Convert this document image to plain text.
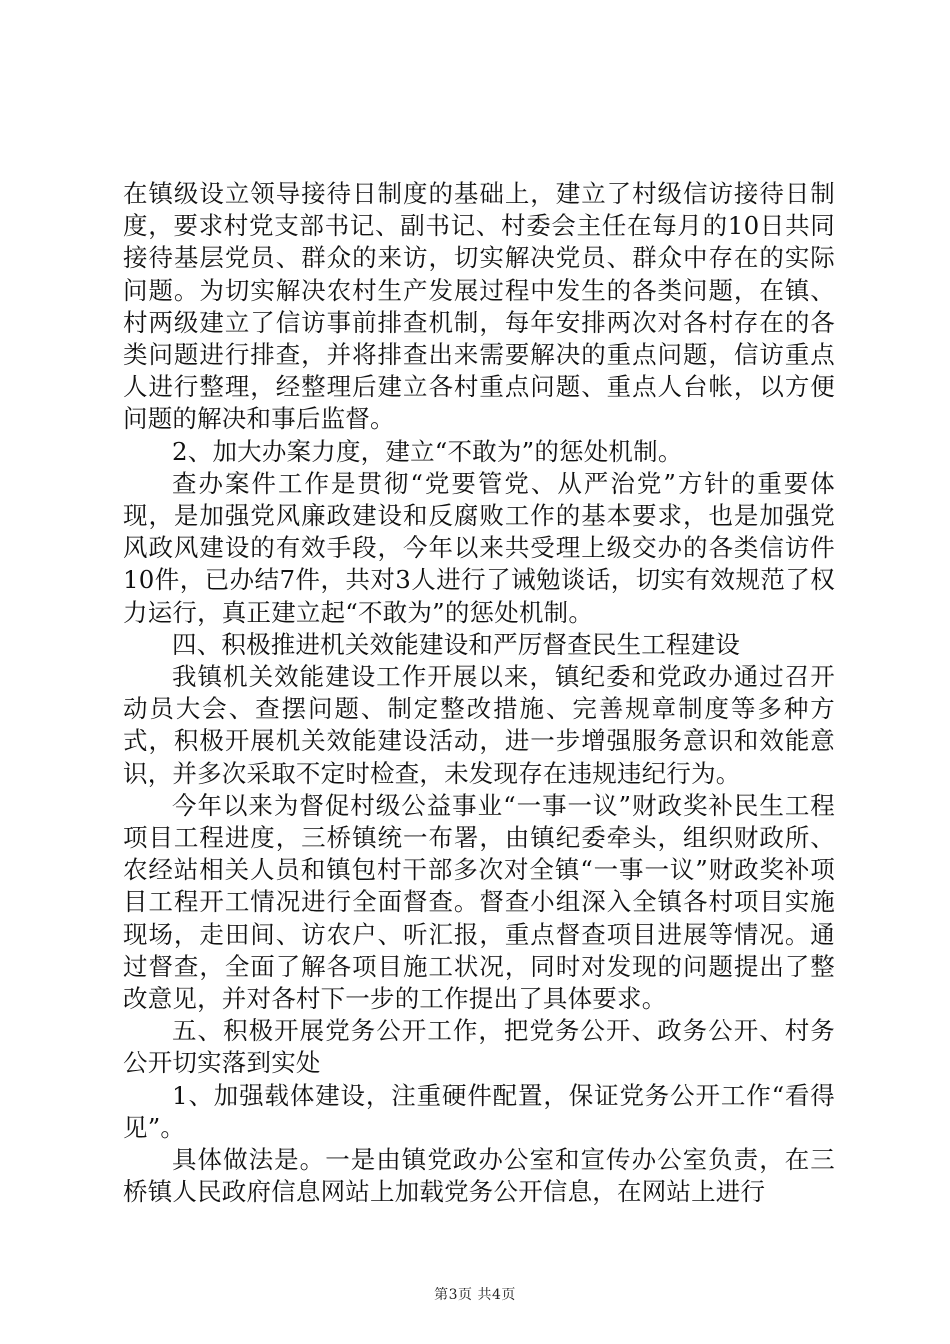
在镇级设立领导接待日制度的基础上，建立了村级信访接待日制度，要求村党支部书记、副书记、村委会主任在每月的10日共同接待基层党员、群众的来访，切实解决党员、群众中存在的实际问题。为切实解决农村生产发展过程中发生的各类问题，在镇、村两级建立了信访事前排查机制，每年安排两次对各村存在的各类问题进行排查，并将排查出来需要解决的重点问题，信访重点人进行整理，经整理后建立各村重点问题、重点人台帐，以方便问题的解决和事后监督。

2、加大办案力度，建立“不敢为”的惩处机制。

查办案件工作是贯彻“党要管党、从严治党”方针的重要体现，是加强党风廉政建设和反腐败工作的基本要求，也是加强党风政风建设的有效手段，今年以来共受理上级交办的各类信访件10件，已办结7件，共对3人进行了诫勉谈话，切实有效规范了权力运行，真正建立起“不敢为”的惩处机制。

四、积极推进机关效能建设和严厉督查民生工程建设

我镇机关效能建设工作开展以来，镇纪委和党政办通过召开动员大会、查摆问题、制定整改措施、完善规章制度等多种方式，积极开展机关效能建设活动，进一步增强服务意识和效能意识，并多次采取不定时检查，未发现存在违规违纪行为。

今年以来为督促村级公益事业“一事一议”财政奖补民生工程项目工程进度，三桥镇统一布署，由镇纪委牵头，组织财政所、农经站相关人员和镇包村干部多次对全镇“一事一议”财政奖补项目工程开工情况进行全面督查。督查小组深入全镇各村项目实施现场，走田间、访农户、听汇报，重点督查项目进展等情况。通过督查，全面了解各项目施工状况，同时对发现的问题提出了整改意见，并对各村下一步的工作提出了具体要求。

五、积极开展党务公开工作，把党务公开、政务公开、村务公开切实落到实处

1、加强载体建设，注重硬件配置，保证党务公开工作“看得见”。

具体做法是。一是由镇党政办公室和宣传办公室负责，在三桥镇人民政府信息网站上加载党务公开信息，在网站上进行

第3页 共4页
